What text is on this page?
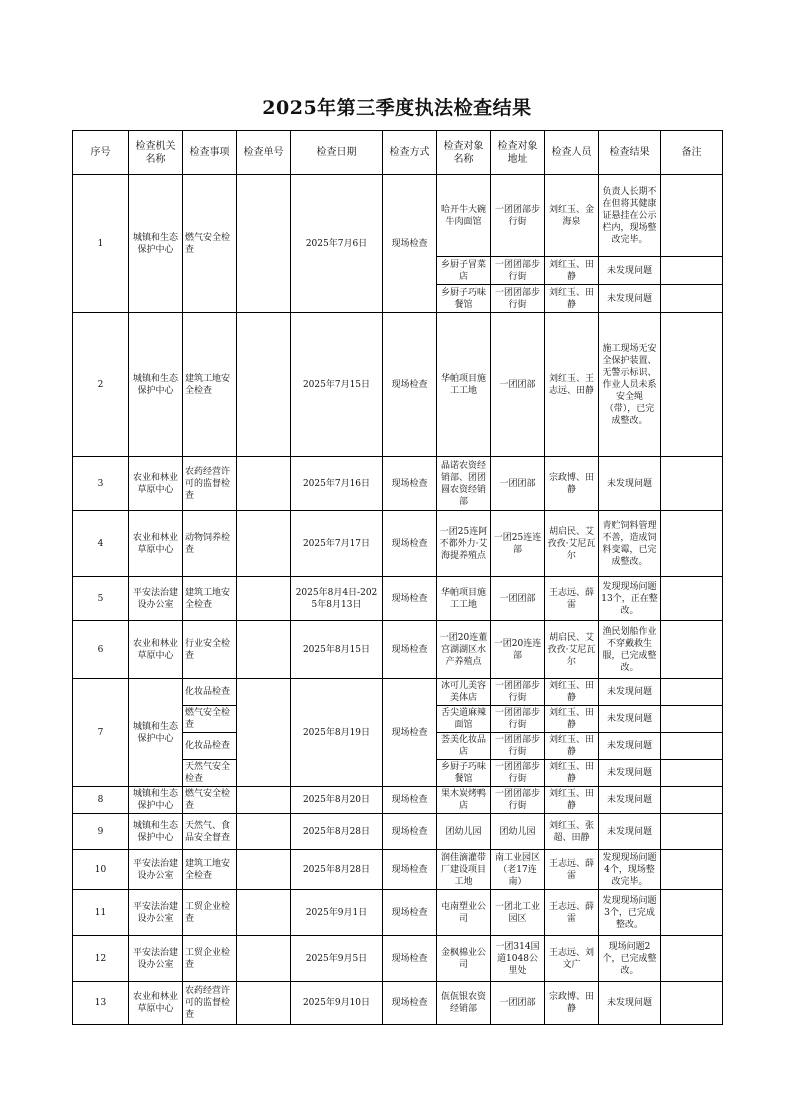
2025年第三季度执法检查结果
序号	检查机关名称	检查事项	检查单号	检查日期	检查方式	检查对象名称	检查对象地址	检查人员	检查结果	备注
1	城镇和生态保护中心	燃气安全检查		2025年7月6日	现场检查	哈开牛大碗牛肉面馆	一团团部步行街	刘红玉、金海泉	负责人长期不在但将其健康证悬挂在公示栏内，现场整改完毕。	
						乡厨子冒菜店	一团团部步行街	刘红玉、田静	未发现问题	
						乡厨子巧味餐馆	一团团部步行街	刘红玉、田静	未发现问题	
2	城镇和生态保护中心	建筑工地安全检查		2025年7月15日	现场检查	华帕项目施工工地	一团团部	刘红玉、王志远、田静	施工现场无安全保护装置、无警示标识、作业人员未系安全绳（带），已完成整改。	
3	农业和林业草原中心	农药经营许可的监督检查		2025年7月16日	现场检查	晶诺农资经销部、团团圆农资经销部	一团团部	宗政博、田静	未发现问题	
4	农业和林业草原中心	动物饲养检查		2025年7月17日	现场检查	一团25连阿不都外力·艾海提养殖点	一团25连连部	胡启民、艾孜孜·艾尼瓦尔	青贮饲料管理不善，造成饲料变霉，已完成整改。	
5	平安法治建设办公室	建筑工地安全检查		2025年8月4日-2025年8月13日	现场检查	华帕项目施工工地	一团团部	王志远、薛雷	发现现场问题13个，正在整改。	
6	农业和林业草原中心	行业安全检查		2025年8月15日	现场检查	一团20连董宫湖湖区水产养殖点	一团20连连部	胡启民、艾孜孜·艾尼瓦尔	渔民划船作业不穿戴救生服，已完成整改。	
7	城镇和生态保护中心	化妆品检查		2025年8月19日	现场检查	冰可儿美容美体店	一团团部步行街	刘红玉、田静	未发现问题	
		燃气安全检查				舌尖道麻辣面馆	一团团部步行街	刘红玉、田静	未发现问题	
		化妆品检查				荟美化妆品店	一团团部步行街	刘红玉、田静	未发现问题	
		天然气安全检查				乡厨子巧味餐馆	一团团部步行街	刘红玉、田静	未发现问题	
8	城镇和生态保护中心	燃气安全检查		2025年8月20日	现场检查	果木炭烤鸭店	一团团部步行街	刘红玉、田静	未发现问题	
9	城镇和生态保护中心	天然气、食品安全督查		2025年8月28日	现场检查	团幼儿园	团幼儿园	刘红玉、张超、田静	未发现问题	
10	平安法治建设办公室	建筑工地安全检查		2025年8月28日	现场检查	润佳滴灌带厂建设项目工地	南工业园区（老17连南）	王志远、薛雷	发现现场问题4个，现场整改完毕。	
11	平安法治建设办公室	工贸企业检查		2025年9月1日	现场检查	屯南塑业公司	一团北工业园区	王志远、薛雷	发现现场问题3个，已完成整改。	
12	平安法治建设办公室	工贸企业检查		2025年9月5日	现场检查	金枫棉业公司	一团314国道1048公里处	王志远、刘文广	现场问题2个，已完成整改。	
13	农业和林业草原中心	农药经营许可的监督检查		2025年9月10日	现场检查	佤佤银农资经销部	一团团部	宗政博、田静	未发现问题	
